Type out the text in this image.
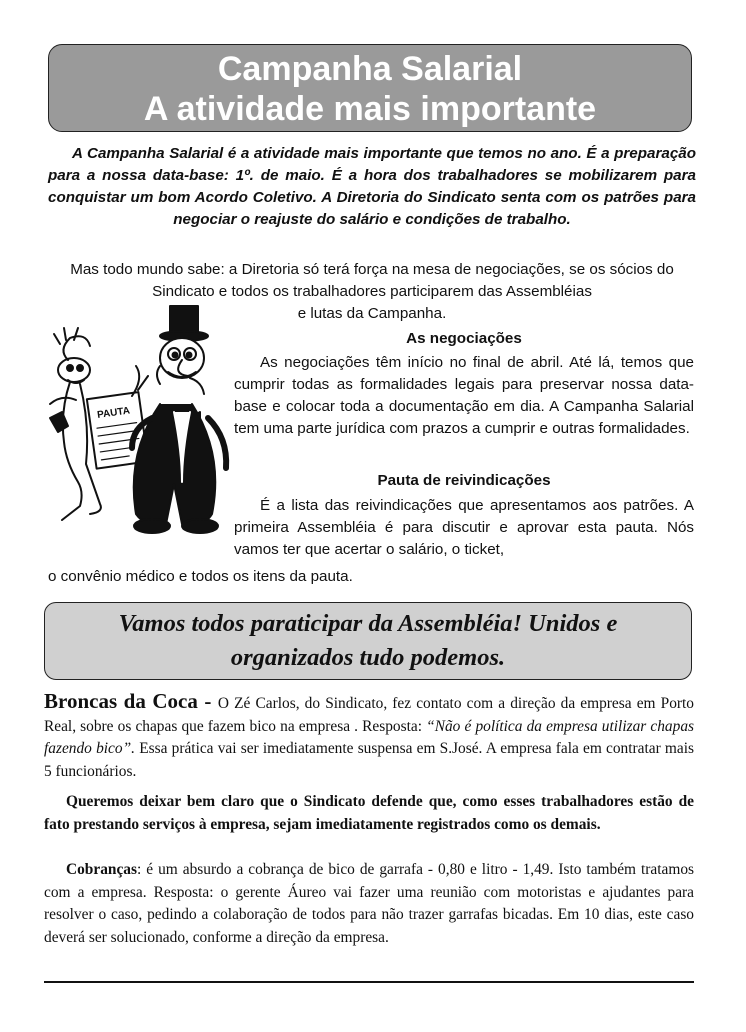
Campanha Salarial
A atividade mais importante
A Campanha Salarial é a atividade mais importante que temos no ano. É a preparação para a nossa data-base: 1º. de maio. É a hora dos trabalhadores se mobilizarem para conquistar um bom Acordo Coletivo. A Diretoria do Sindicato senta com os patrões para negociar o reajuste do salário e condições de trabalho.
Mas todo mundo sabe: a Diretoria só terá força na mesa de negociações, se os sócios do Sindicato e todos os trabalhadores participarem das Assembléias
e lutas da Campanha.
PAUTA
As negociações
As negociações têm início no final de abril. Até lá, temos que cumprir todas as formalidades legais para preservar nossa data-base e colocar toda a documentação em dia. A Campanha Salarial tem uma parte jurídica com prazos a cumprir e outras formalidades.
Pauta de reivindicações
É a lista das reivindicações que apresentamos aos patrões. A primeira Assembléia é para discutir e aprovar esta pauta. Nós vamos ter que acertar o salário, o ticket,
o convênio médico e todos os itens da pauta.
Vamos todos paraticipar da Assembléia! Unidos e
organizados tudo podemos.
Broncas da Coca - O Zé Carlos, do Sindicato, fez contato com a direção da empresa em Porto Real, sobre os chapas que fazem bico na empresa . Resposta: “Não é política da empresa utilizar chapas fazendo bico”. Essa prática vai ser imediatamente suspensa em S.José. A empresa fala em contratar mais 5 funcionários.
Queremos deixar bem claro que o Sindicato defende que, como esses trabalhadores estão de fato prestando serviços à empresa, sejam imediatamente registrados como os demais.
Cobranças: é um absurdo a cobrança de bico de garrafa - 0,80 e litro - 1,49. Isto também tratamos com a empresa. Resposta: o gerente Áureo vai fazer uma reunião com motoristas e ajudantes para resolver o caso, pedindo a colaboração de todos para não trazer garrafas bicadas. Em 10 dias, este caso deverá ser solucionado, conforme a direção da empresa.
